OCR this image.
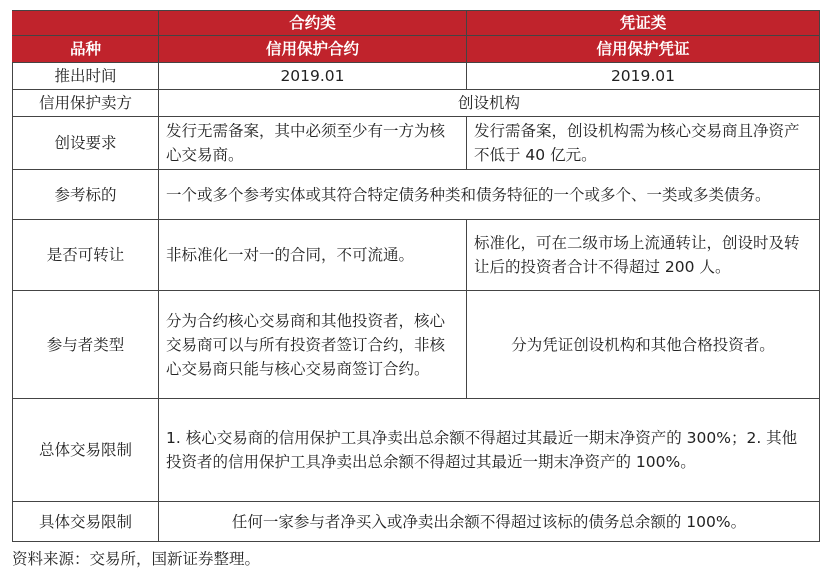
	合约类	凭证类
品种	信用保护合约	信用保护凭证
推出时间	2019.01	2019.01
信用保护卖方	创设机构	
创设要求	发行无需备案，其中必须至少有一方为核心交易商。	发行需备案，创设机构需为核心交易商且净资产不低于 40 亿元。
参考标的	一个或多个参考实体或其符合特定债务种类和债务特征的一个或多个、一类或多类债务。	
是否可转让	非标准化一对一的合同，不可流通。	标准化，可在二级市场上流通转让，创设时及转让后的投资者合计不得超过 200 人。
参与者类型	分为合约核心交易商和其他投资者，核心交易商可以与所有投资者签订合约，非核心交易商只能与核心交易商签订合约。	分为凭证创设机构和其他合格投资者。
总体交易限制	1. 核心交易商的信用保护工具净卖出总余额不得超过其最近一期末净资产的 300%；2. 其他投资者的信用保护工具净卖出总余额不得超过其最近一期末净资产的 100%。	
具体交易限制	任何一家参与者净买入或净卖出余额不得超过该标的债务总余额的 100%。	
资料来源：交易所，国新证券整理。
